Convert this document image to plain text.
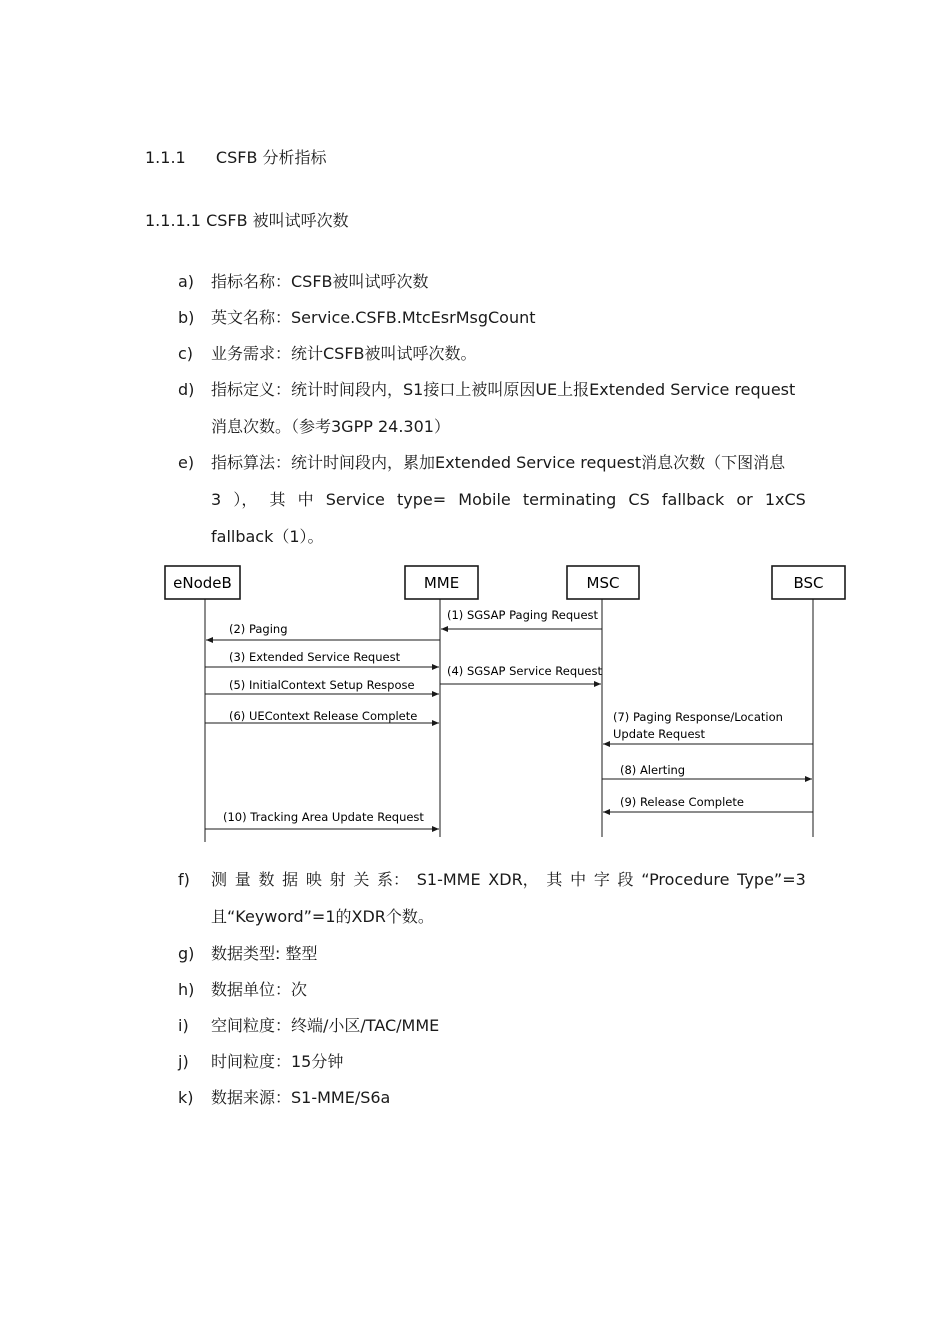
1.1.1 CSFB 分析指标
1.1.1.1 CSFB 被叫试呼次数
a) 指标名称：CSFB被叫试呼次数
b) 英文名称：Service.CSFB.MtcEsrMsgCount
c) 业务需求：统计CSFB被叫试呼次数。
d) 指标定义：统计时间段内，S1接口上被叫原因UE上报Extended Service request
消息次数。（参考3GPP 24.301）
e) 指标算法：统计时间段内，累加Extended Service request消息次数（下图消息
3 ）， 其 中 Service type= Mobile terminating CS fallback or 1xCS
fallback（1）。
eNodeB	MME	MSC	BSC
(1) SGSAP Paging Request
(2) Paging
(3) Extended Service Request
(4) SGSAP Service Request
(5) InitialContext Setup Respose
(6) UEContext Release Complete	(7) Paging Response/Location
Update Request
(8) Alerting
(9) Release Complete
(10) Tracking Area Update Request
f) 测 量 数 据 映 射 关 系： S1-MME XDR， 其 中 字 段 “Procedure Type”=3
且“Keyword”=1的XDR个数。
g) 数据类型: 整型
h) 数据单位：次
i) 空间粒度：终端/小区/TAC/MME
j) 时间粒度：15分钟
k) 数据来源：S1-MME/S6a
